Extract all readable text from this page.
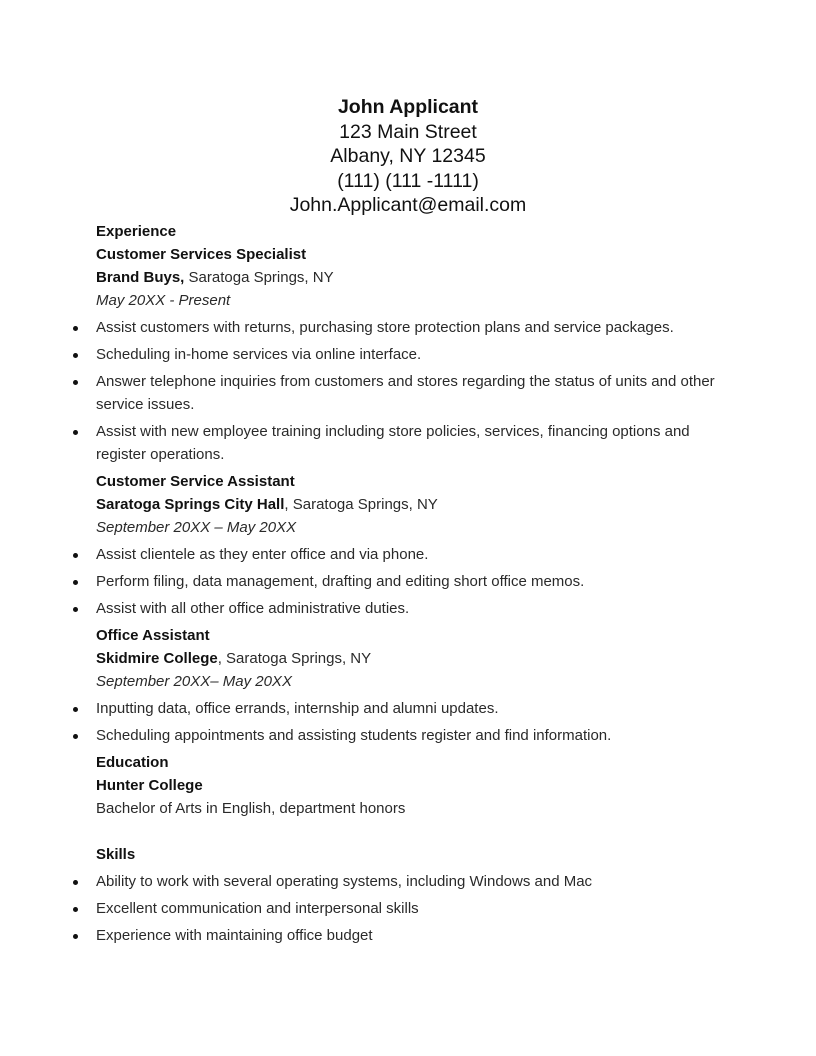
John Applicant
123 Main Street
Albany, NY 12345
(111) (111 -1111)
John.Applicant@email.com
Experience
Customer Services Specialist
Brand Buys, Saratoga Springs, NY
May 20XX - Present
Assist customers with returns, purchasing store protection plans and service packages.
Scheduling in-home services via online interface.
Answer telephone inquiries from customers and stores regarding the status of units and other service issues.
Assist with new employee training including store policies, services, financing options and register operations.
Customer Service Assistant
Saratoga Springs City Hall, Saratoga Springs, NY
September 20XX – May 20XX
Assist clientele as they enter office and via phone.
Perform filing, data management, drafting and editing short office memos.
Assist with all other office administrative duties.
Office Assistant
Skidmire College, Saratoga Springs, NY
September 20XX– May 20XX
Inputting data, office errands, internship and alumni updates.
Scheduling appointments and assisting students register and find information.
Education
Hunter College
Bachelor of Arts in English, department honors
Skills
Ability to work with several operating systems, including Windows and Mac
Excellent communication and interpersonal skills
Experience with maintaining office budget
